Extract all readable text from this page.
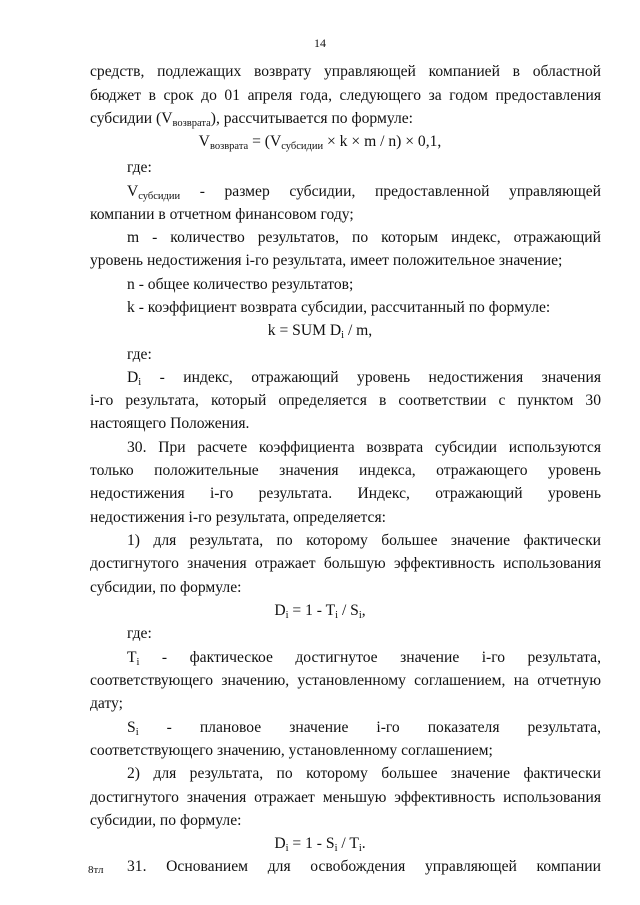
14
средств, подлежащих возврату управляющей компанией в областной
бюджет в срок до 01 апреля года, следующего за годом предоставления
субсидии $(V_{возврата})$, рассчитывается по формуле:
$V_{возврата} = (V_{субсидии} \times k \times m / n) \times 0,1$,
где:
$V_{субсидии}$ - размер субсидии, предоставленной управляющей
компании в отчетном финансовом году;
m - количество результатов, по которым индекс, отражающий
уровень недостижения i-го результата, имеет положительное значение;
n - общее количество результатов;
k - коэффициент возврата субсидии, рассчитанный по формуле:
k = SUM $D_i$ / m,
где:
$D_i$ - индекс, отражающий уровень недостижения значения
i-го результата, который определяется в соответствии с пунктом 30
настоящего Положения.
30. При расчете коэффициента возврата субсидии используются
только положительные значения индекса, отражающего уровень
недостижения i-го результата. Индекс, отражающий уровень
недостижения i-го результата, определяется:
1) для результата, по которому большее значение фактически
достигнутого значения отражает большую эффективность использования
субсидии, по формуле:
$D_i = 1 - T_i / S_i$,
где:
$T_i$ - фактическое достигнутое значение i-го результата,
соответствующего значению, установленному соглашением, на отчетную
дату;
$S_i$ - плановое значение i-го показателя результата,
соответствующего значению, установленному соглашением;
2) для результата, по которому большее значение фактически
достигнутого значения отражает меньшую эффективность использования
субсидии, по формуле:
$D_i = 1 - S_i / T_i$.
31. Основанием для освобождения управляющей компании
8тл
